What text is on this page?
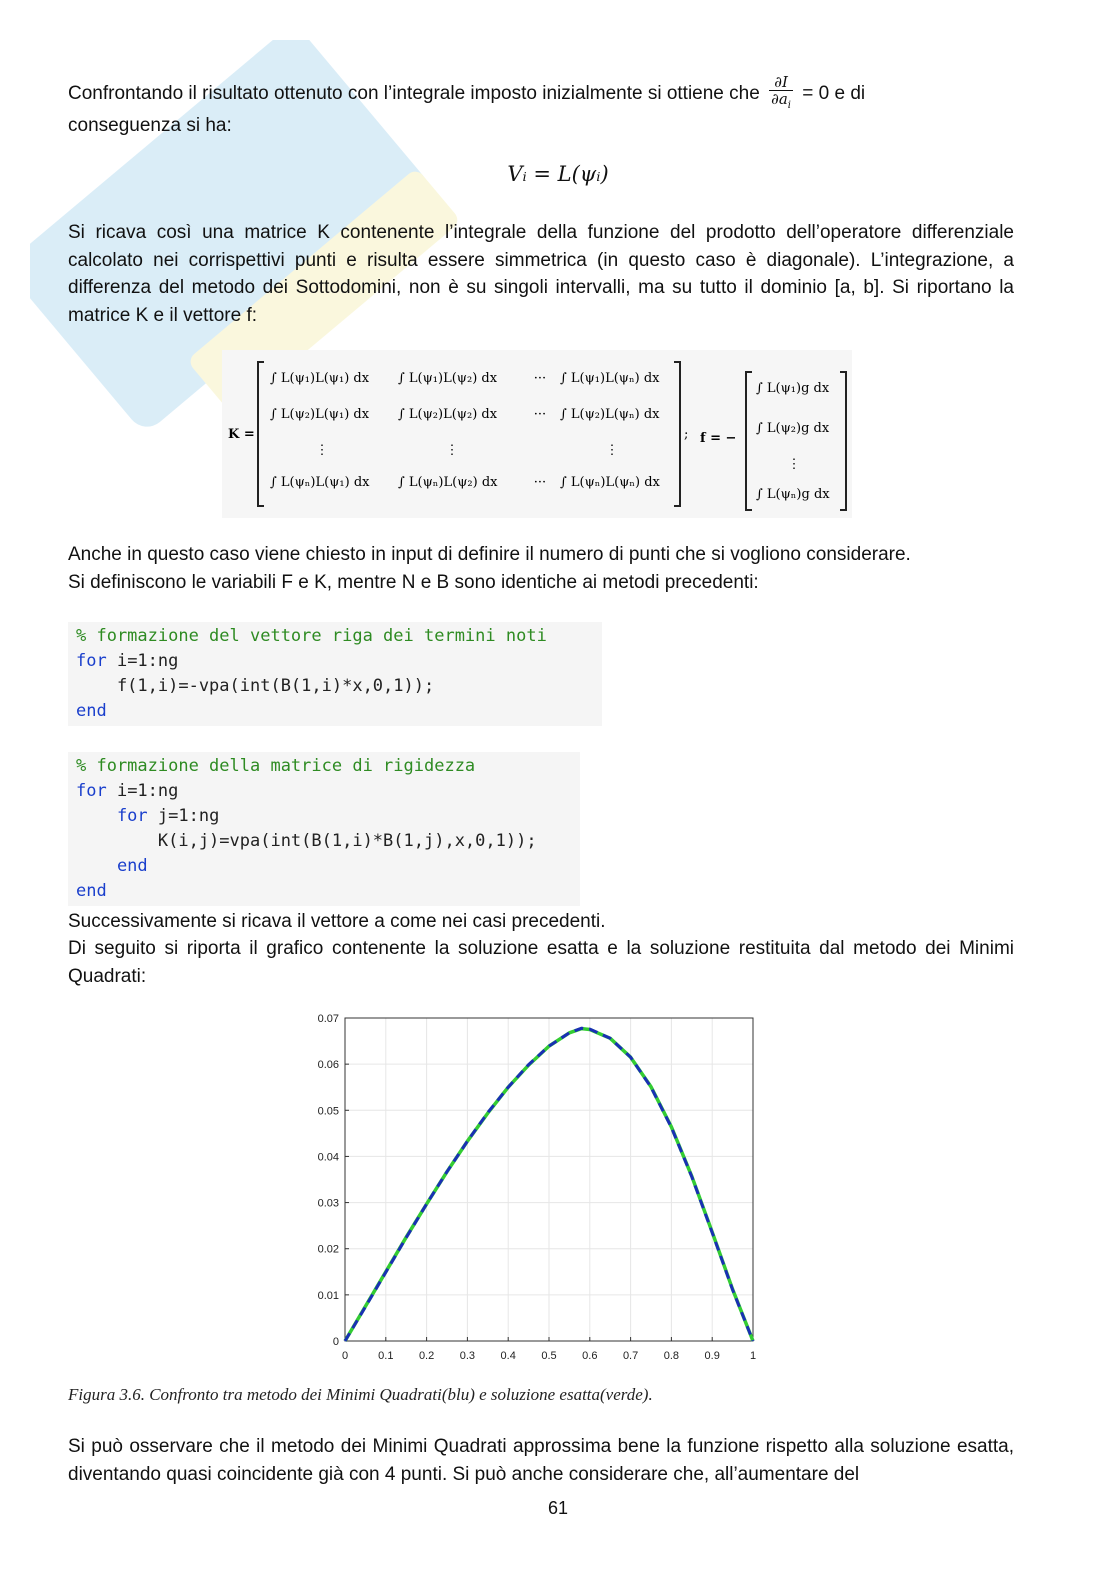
Confrontando il risultato ottenuto con l’integrale imposto inizialmente si ottiene che $\frac{\partial I}{\partial a_i} = 0$ e di
conseguenza si ha:
Vᵢ = L(ψᵢ)
Si ricava così una matrice K contenente l’integrale della funzione del prodotto dell’operatore differenziale calcolato nei corrispettivi punti e risulta essere simmetrica (in questo caso è diagonale). L’integrazione, a differenza del metodo dei Sottodomini, non è su singoli intervalli, ma su tutto il dominio [a, b]. Si riportano la matrice K e il vettore f:
K =
∫ L(ψ₁)L(ψ₁) dx ∫ L(ψ₁)L(ψ₂) dx	··· ∫ L(ψ₁)L(ψₙ) dx
∫ L(ψ₂)L(ψ₁) dx ∫ L(ψ₂)L(ψ₂) dx	··· ∫ L(ψ₂)L(ψₙ) dx
⋮	⋮	⋮
∫ L(ψₙ)L(ψ₁) dx ∫ L(ψₙ)L(ψ₂) dx	··· ∫ L(ψₙ)L(ψₙ) dx
; f = −
∫ L(ψ₁)g dx
∫ L(ψ₂)g dx
⋮
∫ L(ψₙ)g dx
Anche in questo caso viene chiesto in input di definire il numero di punti che si vogliono considerare.
Si definiscono le variabili F e K, mentre N e B sono identiche ai metodi precedenti:
% formazione del vettore riga dei termini noti
for i=1:ng
f(1,i)=-vpa(int(B(1,i)*x,0,1));
end
% formazione della matrice di rigidezza
for i=1:ng
for j=1:ng
K(i,j)=vpa(int(B(1,i)*B(1,j),x,0,1));
end
end
Successivamente si ricava il vettore a come nei casi precedenti.
Di seguito si riporta il grafico contenente la soluzione esatta e la soluzione restituita dal metodo dei Minimi Quadrati:
0	0.1 0.2 0.3 0.4 0.5 0.6 0.7 0.8 0.9	1
0
0.01
0.02
0.03
0.04
0.05
0.06
0.07
Figura 3.6. Confronto tra metodo dei Minimi Quadrati(blu) e soluzione esatta(verde).
Si può osservare che il metodo dei Minimi Quadrati approssima bene la funzione rispetto alla soluzione esatta, diventando quasi coincidente già con 4 punti. Si può anche considerare che, all’aumentare del
61
